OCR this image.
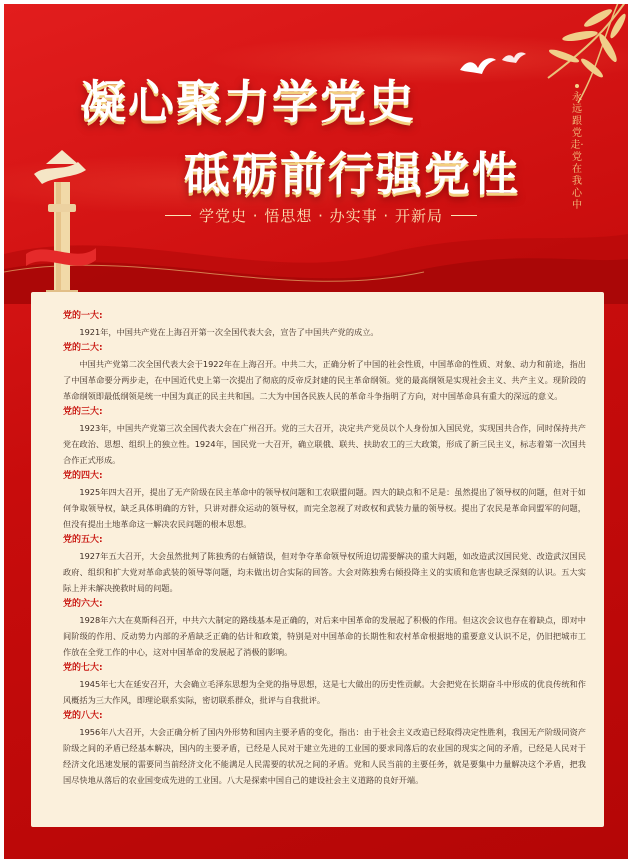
凝心聚力学党史
砥砺前行强党性
学党史 · 悟思想 · 办实事 · 开新局
永远跟党走·党在我心中
党的一大:
1921年，中国共产党在上海召开第一次全国代表大会，宣告了中国共产党的成立。
党的二大:
中国共产党第二次全国代表大会于1922年在上海召开。中共二大，正确分析了中国的社会性质，中国革命的性质、对象、动力和前途，指出了中国革命要分两步走，在中国近代史上第一次提出了彻底的反帝反封建的民主革命纲领。党的最高纲领是实现社会主义、共产主义。现阶段的革命纲领即最低纲领是统一中国为真正的民主共和国。二大为中国各民族人民的革命斗争指明了方向，对中国革命具有重大的深远的意义。
党的三大:
1923年，中国共产党第三次全国代表大会在广州召开。党的三大召开，决定共产党员以个人身份加入国民党，实现国共合作，同时保持共产党在政治、思想、组织上的独立性。1924年，国民党一大召开，确立联俄、联共、扶助农工的三大政策，形成了新三民主义，标志着第一次国共合作正式形成。
党的四大:
1925年四大召开，提出了无产阶级在民主革命中的领导权问题和工农联盟问题。四大的缺点和不足是：虽然提出了领导权的问题，但对于如何争取领导权，缺乏具体明确的方针，只讲对群众运动的领导权，而完全忽视了对政权和武装力量的领导权。提出了农民是革命同盟军的问题，但没有提出土地革命这一解决农民问题的根本思想。
党的五大:
1927年五大召开，大会虽然批判了陈独秀的右倾错误，但对争夺革命领导权所迫切需要解决的重大问题，如改造武汉国民党、改造武汉国民政府、组织和扩大党对革命武装的领导等问题，均未做出切合实际的回答。大会对陈独秀右倾投降主义的实质和危害也缺乏深刻的认识。五大实际上并未解决挽救时局的问题。
党的六大:
1928年六大在莫斯科召开，中共六大制定的路线基本是正确的，对后来中国革命的发展起了积极的作用。但这次会议也存在着缺点，即对中间阶级的作用、反动势力内部的矛盾缺乏正确的估计和政策，特别是对中国革命的长期性和农村革命根据地的重要意义认识不足，仍旧把城市工作放在全党工作的中心，这对中国革命的发展起了消极的影响。
党的七大:
1945年七大在延安召开，大会确立毛泽东思想为全党的指导思想，这是七大做出的历史性贡献。大会把党在长期奋斗中形成的优良传统和作风概括为三大作风，即理论联系实际，密切联系群众，批评与自我批评。
党的八大:
1956年八大召开，大会正确分析了国内外形势和国内主要矛盾的变化，指出：由于社会主义改造已经取得决定性胜利，我国无产阶级同资产阶级之间的矛盾已经基本解决，国内的主要矛盾，已经是人民对于建立先进的工业国的要求同落后的农业国的现实之间的矛盾，已经是人民对于经济文化迅速发展的需要同当前经济文化不能满足人民需要的状况之间的矛盾。党和人民当前的主要任务，就是要集中力量解决这个矛盾，把我国尽快地从落后的农业国变成先进的工业国。八大是探索中国自己的建设社会主义道路的良好开端。
